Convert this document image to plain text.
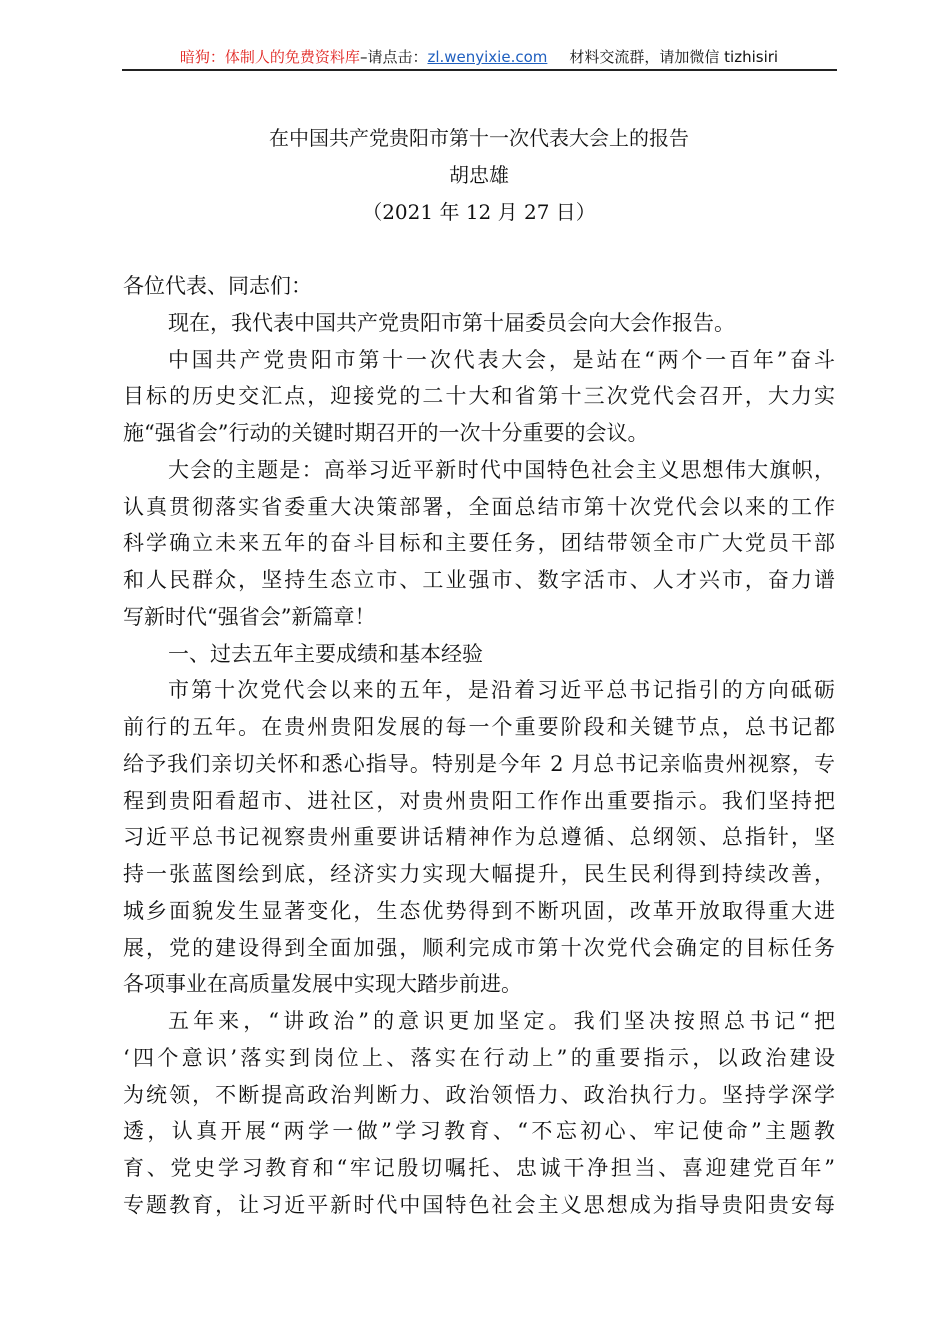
暗狗：体制人的免费资料库–请点击：zl.wenyixie.com 材料交流群，请加微信 tizhisiri
在中国共产党贵阳市第十一次代表大会上的报告
胡忠雄
（2021 年 12 月 27 日）
各位代表、同志们：
现在，我代表中国共产党贵阳市第十届委员会向大会作报告。
中国共产党贵阳市第十一次代表大会，是站在“两个一百年”奋斗
目标的历史交汇点，迎接党的二十大和省第十三次党代会召开，大力实
施“强省会”行动的关键时期召开的一次十分重要的会议。
大会的主题是：高举习近平新时代中国特色社会主义思想伟大旗帜，
认真贯彻落实省委重大决策部署，全面总结市第十次党代会以来的工作
科学确立未来五年的奋斗目标和主要任务，团结带领全市广大党员干部
和人民群众，坚持生态立市、工业强市、数字活市、人才兴市，奋力谱
写新时代“强省会”新篇章！
一、过去五年主要成绩和基本经验
市第十次党代会以来的五年，是沿着习近平总书记指引的方向砥砺
前行的五年。在贵州贵阳发展的每一个重要阶段和关键节点，总书记都
给予我们亲切关怀和悉心指导。特别是今年 2 月总书记亲临贵州视察，专
程到贵阳看超市、进社区，对贵州贵阳工作作出重要指示。我们坚持把
习近平总书记视察贵州重要讲话精神作为总遵循、总纲领、总指针，坚
持一张蓝图绘到底，经济实力实现大幅提升，民生民利得到持续改善，
城乡面貌发生显著变化，生态优势得到不断巩固，改革开放取得重大进
展，党的建设得到全面加强，顺利完成市第十次党代会确定的目标任务
各项事业在高质量发展中实现大踏步前进。
五年来，“讲政治”的意识更加坚定。我们坚决按照总书记“把
‘四个意识’落实到岗位上、落实在行动上”的重要指示，以政治建设
为统领，不断提高政治判断力、政治领悟力、政治执行力。坚持学深学
透，认真开展“两学一做”学习教育、“不忘初心、牢记使命”主题教
育、党史学习教育和“牢记殷切嘱托、忠诚干净担当、喜迎建党百年”
专题教育，让习近平新时代中国特色社会主义思想成为指导贵阳贵安每
